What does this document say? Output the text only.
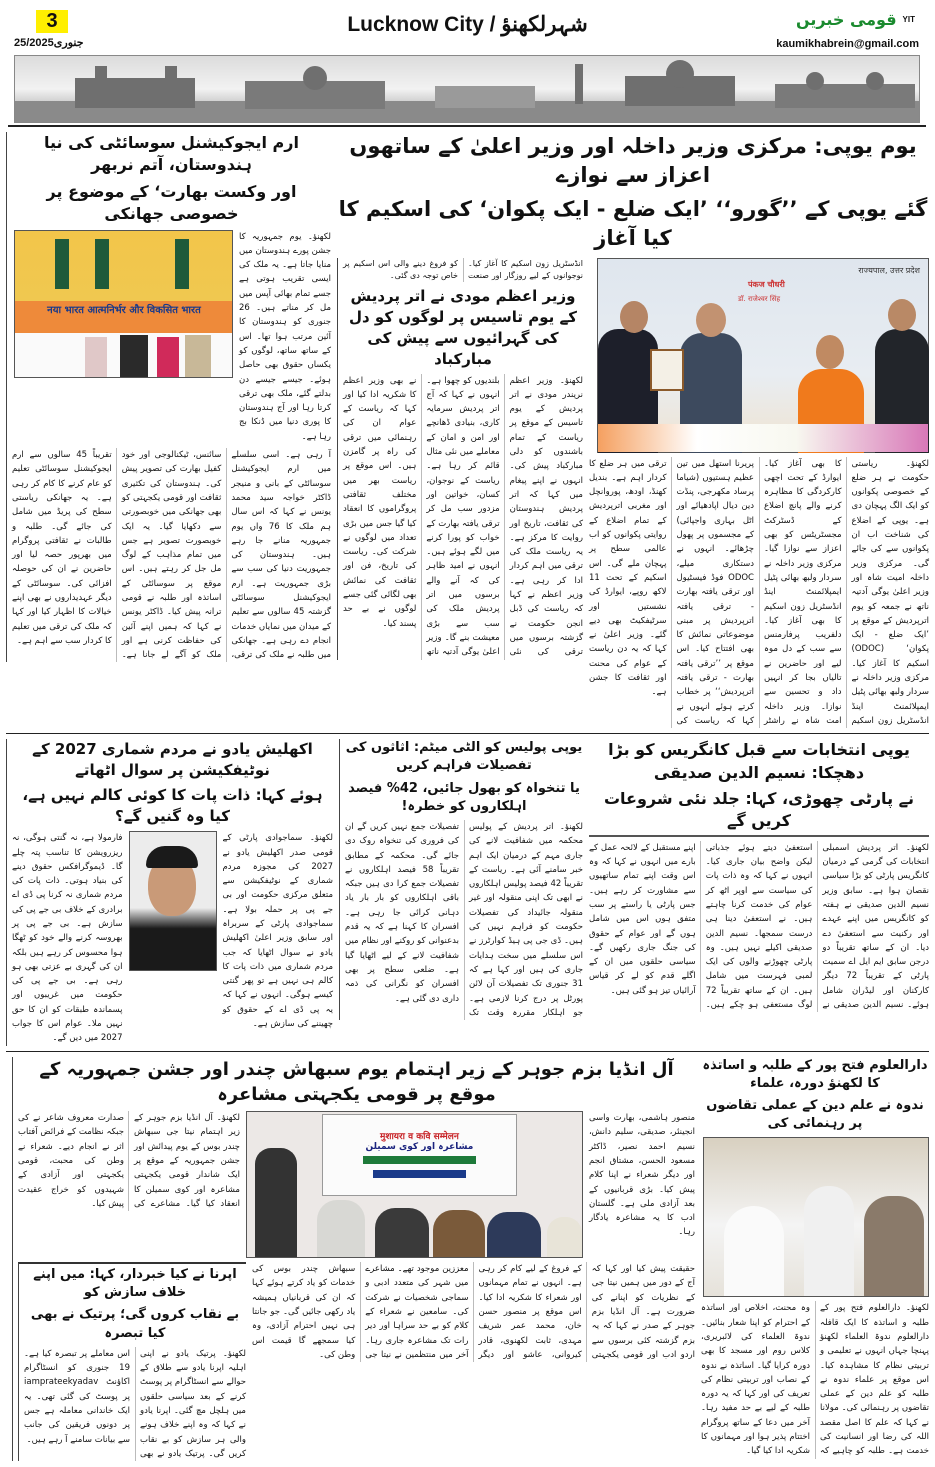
3
25/جنوری2025
Lucknow City / شہرلکھنؤ	قومی خبریں YIT
kaumikhabrein@gmail.com
یوم یوپی: مرکزی وزیر داخلہ اور وزیر اعلیٰ کے ساتھوں اعزاز سے نوازے
گئے یوپی کے ’’گورو‘‘ ’ایک ضلع - ایک پکوان‘ کی اسکیم کا کیا آغاز
राज्यपाल, उत्तर प्रदेश
पंकज चौधरी
डॉ. राजेश्वर सिंह
لکھنؤ۔ ریاستی حکومت نے ہر ضلع کے خصوصی پکوانوں کو ایک الگ پہچان دی ہے۔ یوپی کے اضلاع کی شناخت اب ان پکوانوں سے کی جائے گی۔ مرکزی وزیر داخلہ امیت شاہ اور وزیر اعلیٰ یوگی آدتیہ ناتھ نے جمعہ کو یوم اترپردیش کے موقع پر ’ایک ضلع - ایک پکوان‘ (ODOC) اسکیم کا آغاز کیا۔ مرکزی وزیر داخلہ نے سردار ولبھ بھائی پٹیل ایمپلائمنٹ اینڈ انڈسٹریل زون اسکیم کا بھی آغاز کیا۔ ایوارڈ کے تحت اچھی کارکردگی کا مظاہرہ کرنے والے پانچ اضلاع کے ڈسٹرکٹ مجسٹریٹس کو بھی اعزاز سے نوازا گیا۔ مرکزی وزیر داخلہ نے سردار ولبھ بھائی پٹیل ایمپلائمنٹ اینڈ انڈسٹریل زون اسکیم کا بھی آغاز کیا۔ دلفریب پرفارمنس سے سب کے دل موہ لیے اور حاضرین نے تالیاں بجا کر انہیں داد و تحسین سے نوازا۔ وزیر داخلہ امت شاہ نے راشٹر پریرنا استھل میں تین عظیم ہستیوں (شیاما پرساد مکھرجی، پنڈت دین دیال اپادھیائے اور اٹل بہاری واجپائی) کے مجسموں پر پھول چڑھائے۔ انہوں نے دستکاری میلے، ODOC فوڈ فیسٹیول اور ترقی یافتہ بھارت - ترقی یافتہ اترپردیش پر مبنی موضوعاتی نمائش کا بھی افتتاح کیا۔ اس موقع پر ’’ترقی یافتہ بھارت - ترقی یافتہ اترپردیش‘‘ پر خطاب کرتے ہوئے انہوں نے کہا کہ ریاست کی ترقی میں ہر ضلع کا کردار اہم ہے۔ بندیل کھنڈ، اودھ، پوروانچل اور مغربی اترپردیش کے تمام اضلاع کے روایتی پکوانوں کو اب عالمی سطح پر پہچان ملے گی۔ اس اسکیم کے تحت 11 لاکھ روپے، ایوارڈ کی نشستیں اور سرٹیفکیٹ بھی دیے گئے۔ وزیر اعلیٰ نے کہا کہ یہ دن ریاست کے عوام کی محنت اور ثقافت کا جشن ہے۔
انڈسٹریل زون اسکیم کا آغاز کیا۔ نوجوانوں کے لیے روزگار اور صنعت کو فروغ دینے والی اس اسکیم پر خاص توجہ دی گئی۔
وزیر اعظم مودی نے اتر پردیش کے یوم تاسیس پر لوگوں کو دل کی گہرائیوں سے پیش کی مبارکباد
لکھنؤ۔ وزیر اعظم نریندر مودی نے اتر پردیش کے یوم تاسیس کے موقع پر ریاست کے تمام باشندوں کو دلی مبارکباد پیش کی۔ انہوں نے اپنے پیغام میں کہا کہ اتر پردیش ہندوستان کی ثقافت، تاریخ اور روایت کا مرکز ہے۔ یہ ریاست ملک کی ترقی میں اہم کردار ادا کر رہی ہے۔ وزیر اعظم نے کہا کہ ریاست کی ڈبل انجن حکومت نے گزشتہ برسوں میں ترقی کی نئی بلندیوں کو چھوا ہے۔ انہوں نے کہا کہ آج اتر پردیش سرمایہ کاری، بنیادی ڈھانچے اور امن و امان کے معاملے میں نئی مثال قائم کر رہا ہے۔ ریاست کے نوجوان، کسان، خواتین اور مزدور سب مل کر ترقی یافتہ بھارت کے خواب کو پورا کرنے میں لگے ہوئے ہیں۔ انہوں نے امید ظاہر کی کہ آنے والے برسوں میں اتر پردیش ملک کی سب سے بڑی معیشت بنے گا۔ وزیر اعلیٰ یوگی آدتیہ ناتھ نے بھی وزیر اعظم کا شکریہ ادا کیا اور کہا کہ ریاست کے عوام ان کی رہنمائی میں ترقی کی راہ پر گامزن ہیں۔ اس موقع پر ریاست بھر میں مختلف ثقافتی پروگراموں کا انعقاد کیا گیا جس میں بڑی تعداد میں لوگوں نے شرکت کی۔ ریاست کی تاریخ، فن اور ثقافت کی نمائش بھی لگائی گئی جسے لوگوں نے بے حد پسند کیا۔
ارم ایجوکیشنل سوسائٹی کی نیا ہندوستان، آتم نربھر
اور وکست بھارت‘ کے موضوع پر خصوصی جھانکی
لکھنؤ۔ یوم جمہوریہ کا جشن پورے ہندوستان میں منایا جاتا ہے۔ یہ ملک کی ایسی تقریب ہوتی ہے جسے تمام بھائی آپس میں مل کر مناتے ہیں۔ 26 جنوری کو ہندوستان کا آئین مرتب ہوا تھا۔ اس کے ساتھ ساتھ، لوگوں کو یکساں حقوق بھی حاصل ہوئے۔ جیسے جیسے دن بدلتے گئے، ملک بھی ترقی کرتا رہا اور آج ہندوستان کا پوری دنیا میں ڈنکا بج رہا ہے۔
नया भारत आत्मनिर्भर और विकसित भारत
آ رہی ہے۔ اسی سلسلے میں ارم ایجوکیشنل سوسائٹی کے بانی و منیجر ڈاکٹر خواجہ سید محمد یونس نے کہا کہ اس سال ہم ملک کا 76 واں یوم جمہوریہ منانے جا رہے ہیں۔ ہندوستان کی جمہوریت دنیا کی سب سے بڑی جمہوریت ہے۔ ارم ایجوکیشنل سوسائٹی گزشتہ 45 سالوں سے تعلیم کے میدان میں نمایاں خدمات انجام دے رہی ہے۔ جھانکی میں طلبہ نے ملک کی ترقی، سائنس، ٹیکنالوجی اور خود کفیل بھارت کی تصویر پیش کی۔ ہندوستان کی تکثیری ثقافت اور قومی یکجہتی کو بھی جھانکی میں خوبصورتی سے دکھایا گیا۔ یہ ایک خوبصورت تصویر ہے جس میں تمام مذاہب کے لوگ مل جل کر رہتے ہیں۔ اس موقع پر سوسائٹی کے اساتذہ اور طلبہ نے قومی ترانہ پیش کیا۔ ڈاکٹر یونس نے کہا کہ ہمیں اپنے آئین کی حفاظت کرنی ہے اور ملک کو آگے لے جانا ہے۔ تقریباً 45 سالوں سے ارم ایجوکیشنل سوسائٹی تعلیم کو عام کرنے کا کام کر رہی ہے۔ یہ جھانکی ریاستی سطح کی پریڈ میں شامل کی جائے گی۔ طلبہ و طالبات نے ثقافتی پروگرام میں بھرپور حصہ لیا اور حاضرین نے ان کی حوصلہ افزائی کی۔ سوسائٹی کے دیگر عہدیداروں نے بھی اپنے خیالات کا اظہار کیا اور کہا کہ ملک کی ترقی میں تعلیم کا کردار سب سے اہم ہے۔
یوپی انتخابات سے قبل کانگریس کو بڑا دھچکا: نسیم الدین صدیقی
نے پارٹی چھوڑی، کہا: جلد نئی شروعات کریں گے
لکھنؤ۔ اتر پردیش اسمبلی انتخابات کی گرمی کے درمیان کانگریس پارٹی کو بڑا سیاسی نقصان ہوا ہے۔ سابق وزیر نسیم الدین صدیقی نے ہفتہ کو کانگریس میں اپنے عہدے اور رکنیت سے استعفیٰ دے دیا۔ ان کے ساتھ تقریباً دو درجن سابق ایم ایل اے سمیت پارٹی کے تقریباً 72 دیگر کارکنان اور لیڈران شامل ہوئے۔ نسیم الدین صدیقی نے استعفیٰ دیتے ہوئے جذباتی لیکن واضح بیان جاری کیا۔ انہوں نے کہا کہ وہ ذات پات کی سیاست سے اوپر اٹھ کر عوام کی خدمت کرنا چاہتے ہیں۔ نے استعفیٰ دینا ہی درست سمجھا۔ نسیم الدین صدیقی اکیلے نہیں ہیں۔ وہ پارٹی چھوڑنے والوں کی ایک لمبی فہرست میں شامل ہیں۔ ان کے ساتھ تقریباً 72 لوگ مستعفی ہو چکے ہیں۔ اپنے مستقبل کے لائحہ عمل کے بارے میں انہوں نے کہا کہ وہ اس وقت اپنے تمام ساتھیوں سے مشاورت کر رہے ہیں۔ جس پارٹی یا راستے پر سب متفق ہوں اس میں شامل ہوں گے اور عوام کے حقوق کی جنگ جاری رکھیں گے۔ سیاسی حلقوں میں ان کے اگلے قدم کو لے کر قیاس آرائیاں تیز ہو گئی ہیں۔
یوپی پولیس کو الٹی میٹم: اثاثوں کی تفصیلات فراہم کریں
یا تنخواہ کو بھول جائیں، 42% فیصد اہلکاروں کو خطرہ!
لکھنؤ۔ اتر پردیش کے پولیس محکمہ میں شفافیت لانے کی جاری مہم کے درمیان ایک اہم خبر سامنے آئی ہے۔ ریاست کے تقریباً 42 فیصد پولیس اہلکاروں نے ابھی تک اپنی منقولہ اور غیر منقولہ جائیداد کی تفصیلات حکومت کو فراہم نہیں کی ہیں۔ ڈی جی پی ہیڈ کوارٹرز نے اس سلسلے میں سخت ہدایات جاری کی ہیں اور کہا ہے کہ 31 جنوری تک تفصیلات آن لائن پورٹل پر درج کرنا لازمی ہے۔ جو اہلکار مقررہ وقت تک تفصیلات جمع نہیں کریں گے ان کی فروری کی تنخواہ روک دی جائے گی۔ محکمہ کے مطابق تقریباً 58 فیصد اہلکاروں نے تفصیلات جمع کرا دی ہیں جبکہ باقی اہلکاروں کو بار بار یاد دہانی کرائی جا رہی ہے۔ افسران کا کہنا ہے کہ یہ قدم بدعنوانی کو روکنے اور نظام میں شفافیت لانے کے لیے اٹھایا گیا ہے۔ ضلعی سطح پر بھی افسران کو نگرانی کی ذمہ داری دی گئی ہے۔
اکھلیش یادو نے مردم شماری 2027 کے نوٹیفکیشن پر سوال اٹھاتے
ہوئے کہا: ذات پات کا کوئی کالم نہیں ہے، کیا وہ گنیں گے؟
لکھنؤ۔ سماجوادی پارٹی کے قومی صدر اکھلیش یادو نے 2027 کی مجوزہ مردم شماری کے نوٹیفکیشن سے متعلق مرکزی حکومت اور بی جے پی پر حملہ بولا ہے۔ سماجوادی پارٹی کے سربراہ اور سابق وزیر اعلیٰ اکھلیش یادو نے سوال اٹھایا کہ جب مردم شماری میں ذات پات کا کالم ہی نہیں ہے تو پھر گنتی کیسے ہوگی۔ انہوں نے کہا کہ یہ پی ڈی اے کے حقوق کو چھیننے کی سازش ہے۔
فارمولا ہے، نہ گنتی ہوگی، نہ ریزرویشن کا تناسب پتہ چلے گا۔ ڈیموگرافکس حقوق دینے کی بنیاد ہوتی۔ ذات پات کی مردم شماری نہ کرنا پی ڈی اے برادری کے خلاف بی جے پی کی سازش ہے۔ بی جے پی پر بھروسہ کرنے والے خود کو ٹھگا ہوا محسوس کر رہے ہیں بلکہ ان کی گہری بے عزتی بھی ہو رہی ہے۔ بی جے پی کی حکومت میں غریبوں اور پسماندہ طبقات کو ان کا حق نہیں ملا۔ عوام اس کا جواب 2027 میں دیں گے۔
دارالعلوم فتح پور کے طلبہ و اساتذہ کا لکھنؤ دورہ، علماء
ندوہ نے علم دین کے عملی تقاضوں پر رہنمائی کی
لکھنؤ۔ دارالعلوم فتح پور کے طلبہ و اساتذہ کا ایک قافلہ دارالعلوم ندوۃ العلماء لکھنؤ پہنچا جہاں انہوں نے تعلیمی و تربیتی نظام کا مشاہدہ کیا۔ اس موقع پر علماء ندوہ نے طلبہ کو علم دین کے عملی تقاضوں پر رہنمائی کی۔ مولانا نے کہا کہ علم کا اصل مقصد اللہ کی رضا اور انسانیت کی خدمت ہے۔ طلبہ کو چاہیے کہ وہ محنت، اخلاص اور اساتذہ کے احترام کو اپنا شعار بنائیں۔ ندوۃ العلماء کی لائبریری، کلاس روم اور مسجد کا بھی دورہ کرایا گیا۔ اساتذہ نے ندوہ کے نصاب اور تربیتی نظام کی تعریف کی اور کہا کہ یہ دورہ طلبہ کے لیے بے حد مفید رہا۔ آخر میں دعا کے ساتھ پروگرام اختتام پذیر ہوا اور مہمانوں کا شکریہ ادا کیا گیا۔
آل انڈیا بزم جوہر کے زیر اہتمام یوم سبھاش چندر اور جشن جمہوریہ کے موقع پر قومی یکجہتی مشاعرہ
منصور ہاشمی، بھارت واسی انجینئر، صدیقی، سلیم دانش، نسیم احمد نصیر، ڈاکٹر مسعود الحسن، مشتاق انجم اور دیگر شعراء نے اپنا کلام پیش کیا۔ بڑی قربانیوں کے بعد آزادی ملی ہے۔ گلستان ادب کا یہ مشاعرہ یادگار رہا۔
मुशायरा व कवि सम्मेलन
مشاعرہ اور کوی سمیلن
لکھنؤ۔ آل انڈیا بزم جوہر کے زیر اہتمام نیتا جی سبھاش چندر بوس کے یوم پیدائش اور جشن جمہوریہ کے موقع پر ایک شاندار قومی یکجہتی مشاعرہ اور کوی سمیلن کا انعقاد کیا گیا۔ مشاعرے کی صدارت معروف شاعر نے کی جبکہ نظامت کے فرائض آفتاب اثر نے انجام دیے۔ شعراء نے وطن کی محبت، قومی یکجہتی اور آزادی کے شہیدوں کو خراج عقیدت پیش کیا۔
حقیقت پیش کیا اور کہا کہ آج کے دور میں ہمیں نیتا جی کے نظریات کو اپنانے کی ضرورت ہے۔ آل انڈیا بزم جوہر کے صدر نے کہا کہ یہ بزم گزشتہ کئی برسوں سے اردو ادب اور قومی یکجہتی کے فروغ کے لیے کام کر رہی ہے۔ انہوں نے تمام مہمانوں اور شعراء کا شکریہ ادا کیا۔ اس موقع پر منصور حسن خان، محمد عمر شریف مہدی، ثابت لکھنوی، قادر کیروانی، عاشو اور دیگر معززین موجود تھے۔ مشاعرے میں شہر کی متعدد ادبی و سماجی شخصیات نے شرکت کی۔ سامعین نے شعراء کے کلام کو بے حد سراہا اور دیر رات تک مشاعرہ جاری رہا۔ آخر میں منتظمین نے نیتا جی سبھاش چندر بوس کی خدمات کو یاد کرتے ہوئے کہا کہ ان کی قربانیاں ہمیشہ یاد رکھی جائیں گی۔ جو جانتا ہی نہیں احترام آزادی، وہ کیا سمجھے گا قیمت اس وطن کی۔
اپرنا نے کیا خبردار، کہا: میں اپنے خلاف سازش کو
بے نقاب کروں گی؛ پرتیک نے بھی کیا تبصرہ
لکھنؤ۔ پرتیک یادو نے اپنی اہلیہ اپرنا یادو سے طلاق کے حوالے سے انسٹاگرام پر پوسٹ کرنے کے بعد سیاسی حلقوں میں ہلچل مچ گئی۔ اپرنا یادو نے کہا کہ وہ اپنے خلاف ہونے والی ہر سازش کو بے نقاب کریں گی۔ پرتیک یادو نے بھی اس معاملے پر تبصرہ کیا ہے۔ 19 جنوری کو انسٹاگرام اکاؤنٹ iamprateekyadav پر پوسٹ کی گئی تھی۔ یہ ایک خاندانی معاملہ ہے جس پر دونوں فریقین کی جانب سے بیانات سامنے آ رہے ہیں۔
